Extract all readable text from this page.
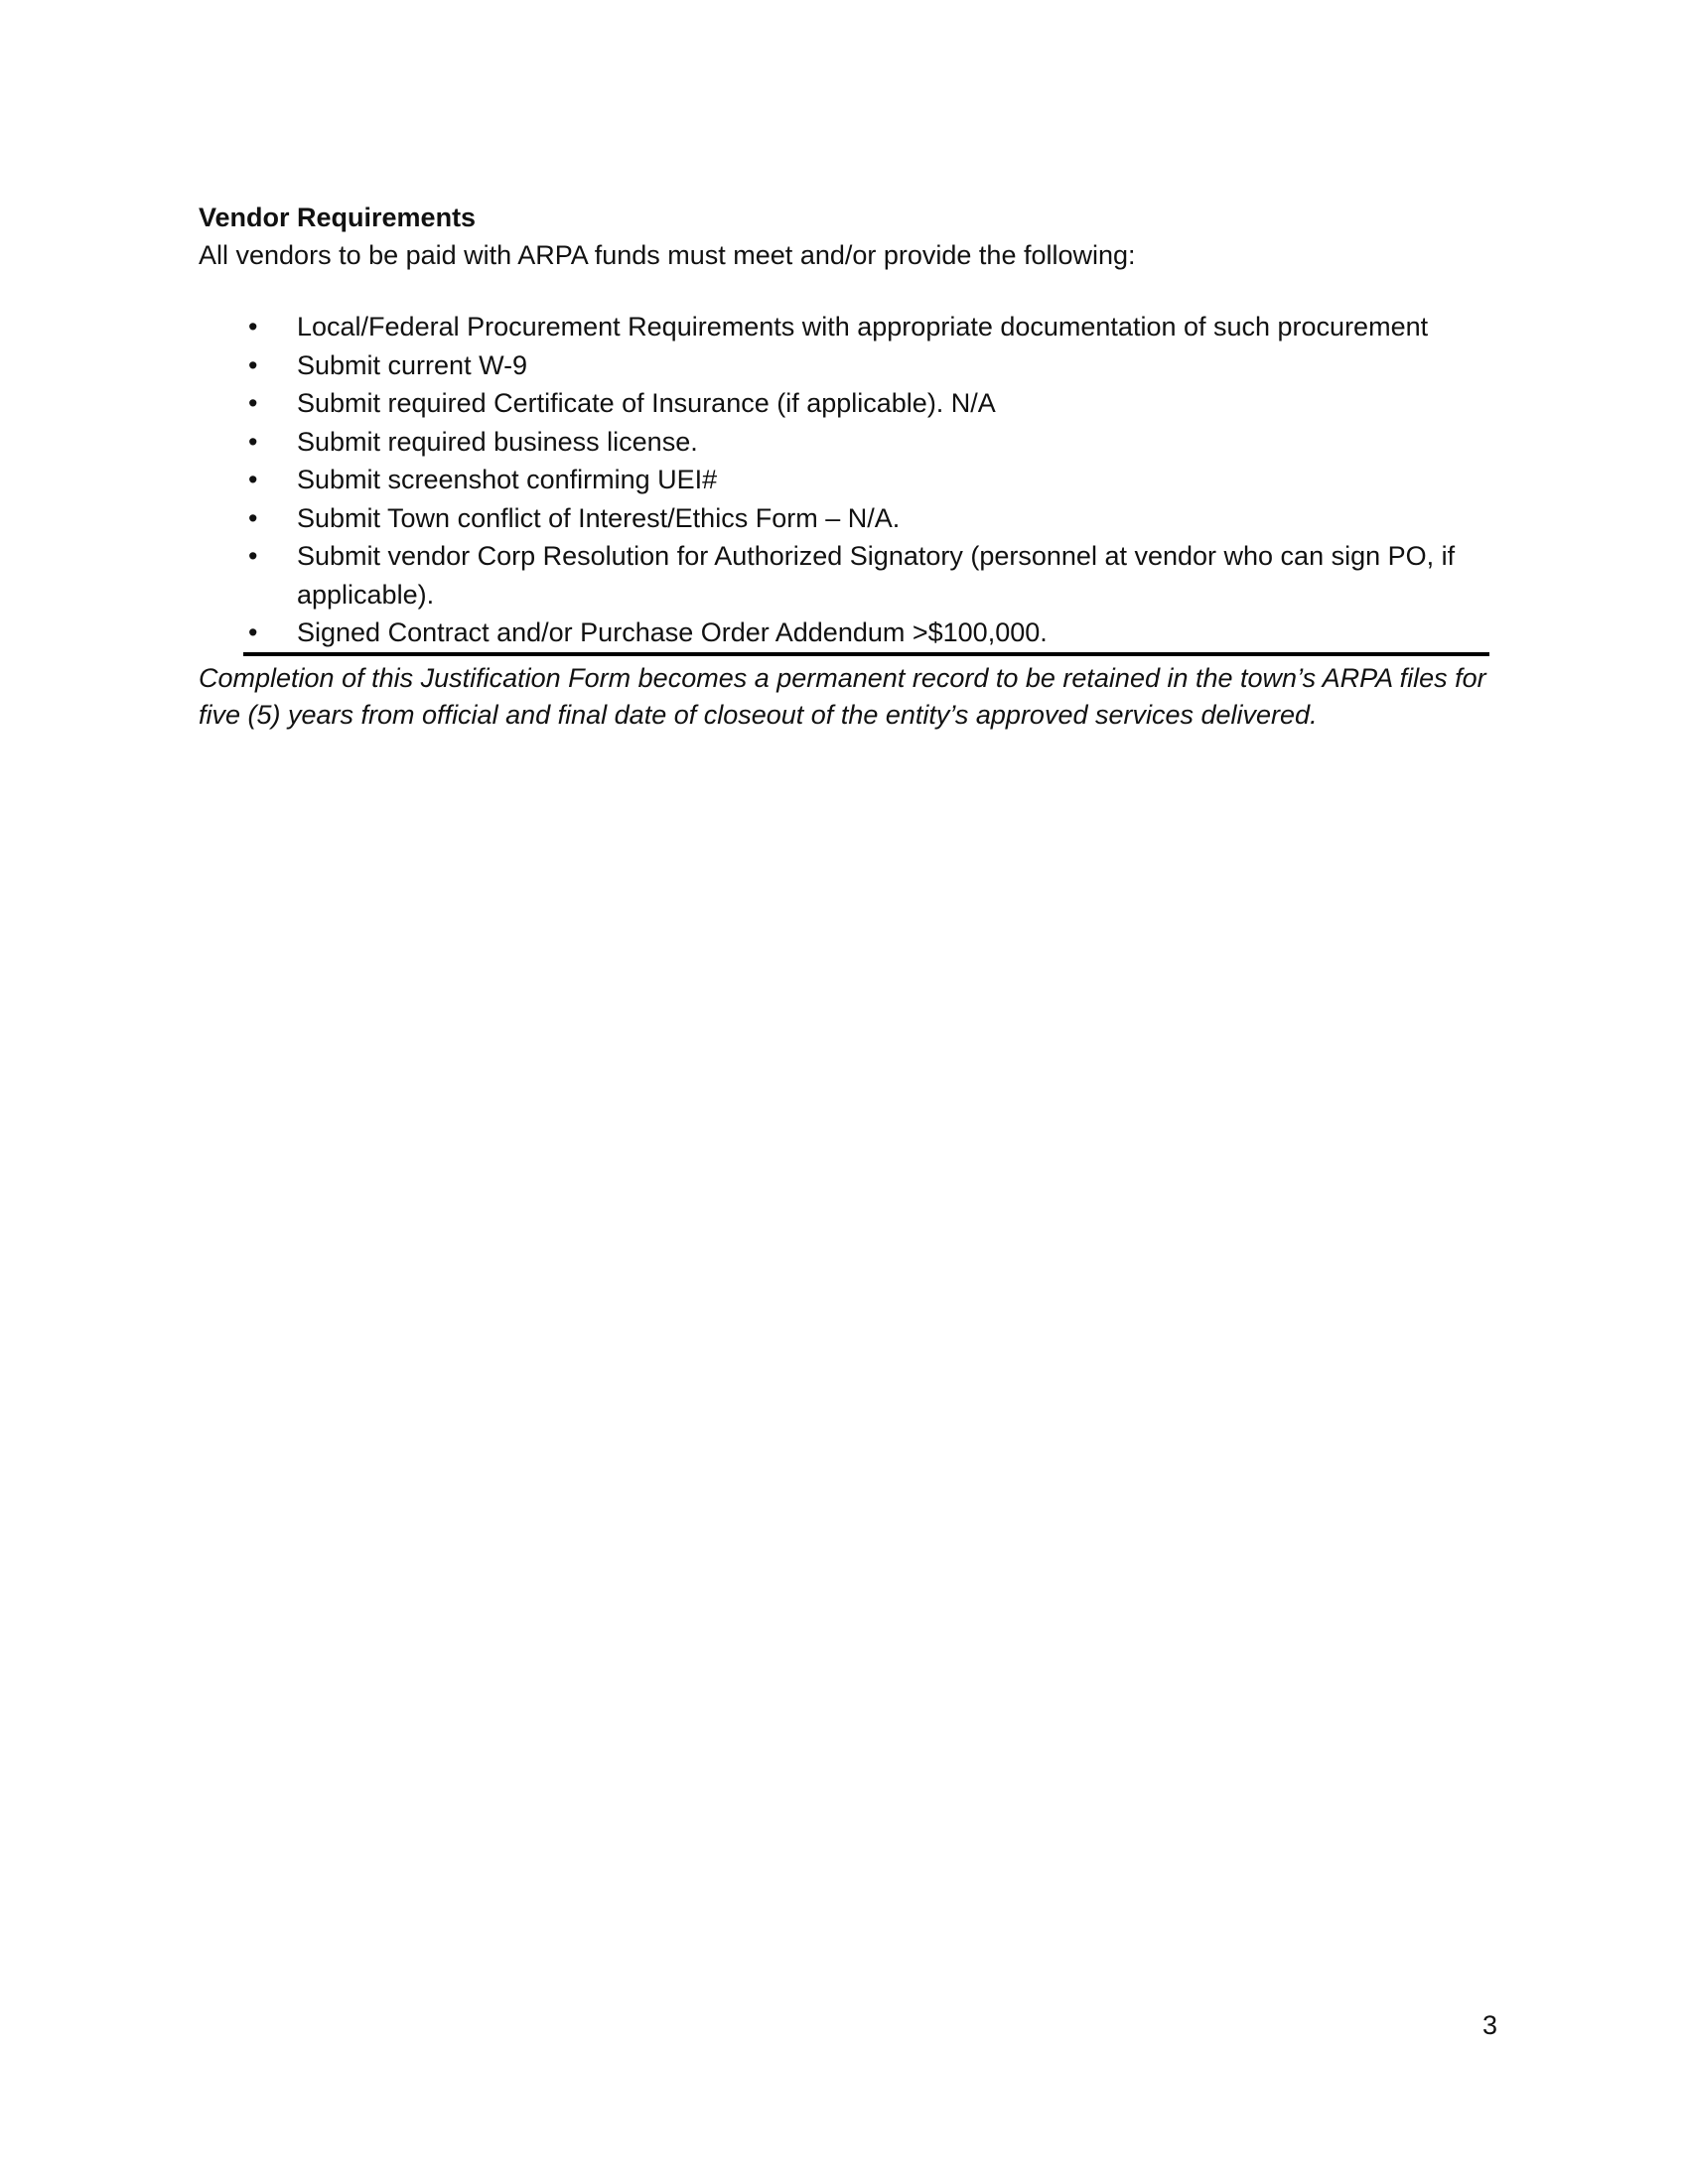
Vendor Requirements

All vendors to be paid with ARPA funds must meet and/or provide the following:

•	Local/Federal Procurement Requirements with appropriate documentation of such procurement
•	Submit current W-9
•	Submit required Certificate of Insurance (if applicable). N/A
•	Submit required business license.
•	Submit screenshot confirming UEI#
•	Submit Town conflict of Interest/Ethics Form – N/A.
•	Submit vendor Corp Resolution for Authorized Signatory (personnel at vendor who can sign PO, if applicable).
•	Signed Contract and/or Purchase Order Addendum >$100,000.

Completion of this Justification Form becomes a permanent record to be retained in the town’s ARPA files for five (5) years from official and final date of closeout of the entity’s approved services delivered.

3
